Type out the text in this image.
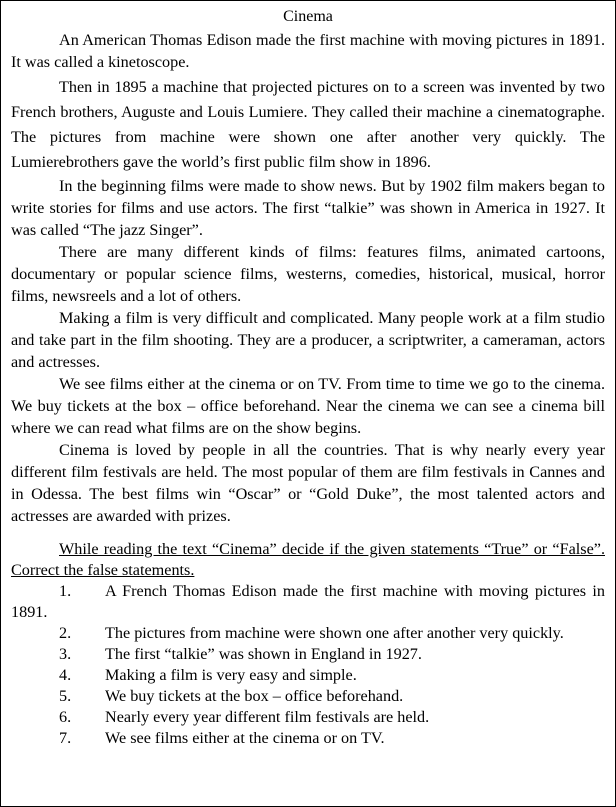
Cinema

An American Thomas Edison made the first machine with moving pictures in 1891. It was called a kinetoscope.

Then in 1895 a machine that projected pictures on to a screen was invented by two French brothers, Auguste and Louis Lumiere. They called their machine a cinematographe. The pictures from machine were shown one after another very quickly. The Lumierebrothers gave the world’s first public film show in 1896.

In the beginning films were made to show news. But by 1902 film makers began to write stories for films and use actors. The first “talkie” was shown in America in 1927. It was called “The jazz Singer”.

There are many different kinds of films: features films, animated cartoons, documentary or popular science films, westerns, comedies, historical, musical, horror films, newsreels and a lot of others.

Making a film is very difficult and complicated. Many people work at a film studio and take part in the film shooting. They are a producer, a scriptwriter, a cameraman, actors and actresses.

We see films either at the cinema or on TV. From time to time we go to the cinema. We buy tickets at the box – office beforehand. Near the cinema we can see a cinema bill where we can read what films are on the show begins.

Cinema is loved by people in all the countries. That is why nearly every year different film festivals are held. The most popular of them are film festivals in Cannes and in Odessa. The best films win “Oscar” or “Gold Duke”, the most talented actors and actresses are awarded with prizes.

While reading the text “Cinema” decide if the given statements “True” or “False”. Correct the false statements.

1. A French Thomas Edison made the first machine with moving pictures in 1891.
2. The pictures from machine were shown one after another very quickly.
3. The first “talkie” was shown in England in 1927.
4. Making a film is very easy and simple.
5. We buy tickets at the box – office beforehand.
6. Nearly every year different film festivals are held.
7. We see films either at the cinema or on TV.
